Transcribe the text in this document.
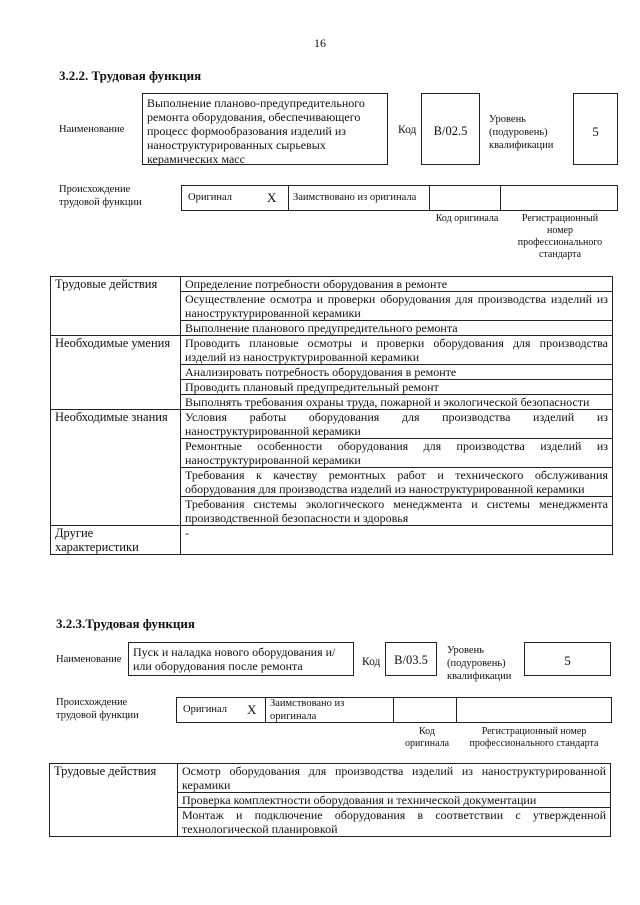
16
3.2.2. Трудовая функция
Наименование
Выполнение планово-предупредительного ремонта оборудования, обеспечивающего процесс формообразования изделий из наноструктурированных сырьевых керамических масс
Код	В/02.5
Уровень (подуровень) квалификации
5
Происхождение трудовой функции	Оригинал	X Заимствовано из оригинала
Код оригинала	Регистрационный номер профессионального стандарта
Трудовые действия	Определение потребности оборудования в ремонте
	Осуществление осмотра и проверки оборудования для производства изделий из наноструктурированной керамики
	Выполнение планового предупредительного ремонта
Необходимые умения	Проводить плановые осмотры и проверки оборудования для производства изделий из наноструктурированной керамики
	Анализировать потребность оборудования в ремонте
	Проводить плановый предупредительный ремонт
	Выполнять требования охраны труда, пожарной и экологической безопасности
Необходимые знания	Условия работы оборудования для производства изделий из наноструктурированной керамики
	Ремонтные особенности оборудования для производства изделий из наноструктурированной керамики
	Требования к качеству ремонтных работ и технического обслуживания оборудования для производства изделий из наноструктурированной керамики
	Требования системы экологического менеджмента и системы менеджмента производственной безопасности и здоровья
Другие характеристики	-
3.2.3.Трудовая функция
Наименование
Пуск и наладка нового оборудования и/или оборудования после ремонта	Код	В/03.5
Уровень (подуровень) квалификации
5
Происхождение трудовой функции
Оригинал X Заимствовано из оригинала
Код оригинала
Регистрационный номер профессионального стандарта
Трудовые действия	Осмотр оборудования для производства изделий из наноструктурированной керамики
Проверка комплектности оборудования и технической документации
Монтаж и подключение оборудования в соответствии с утвержденной технологической планировкой
